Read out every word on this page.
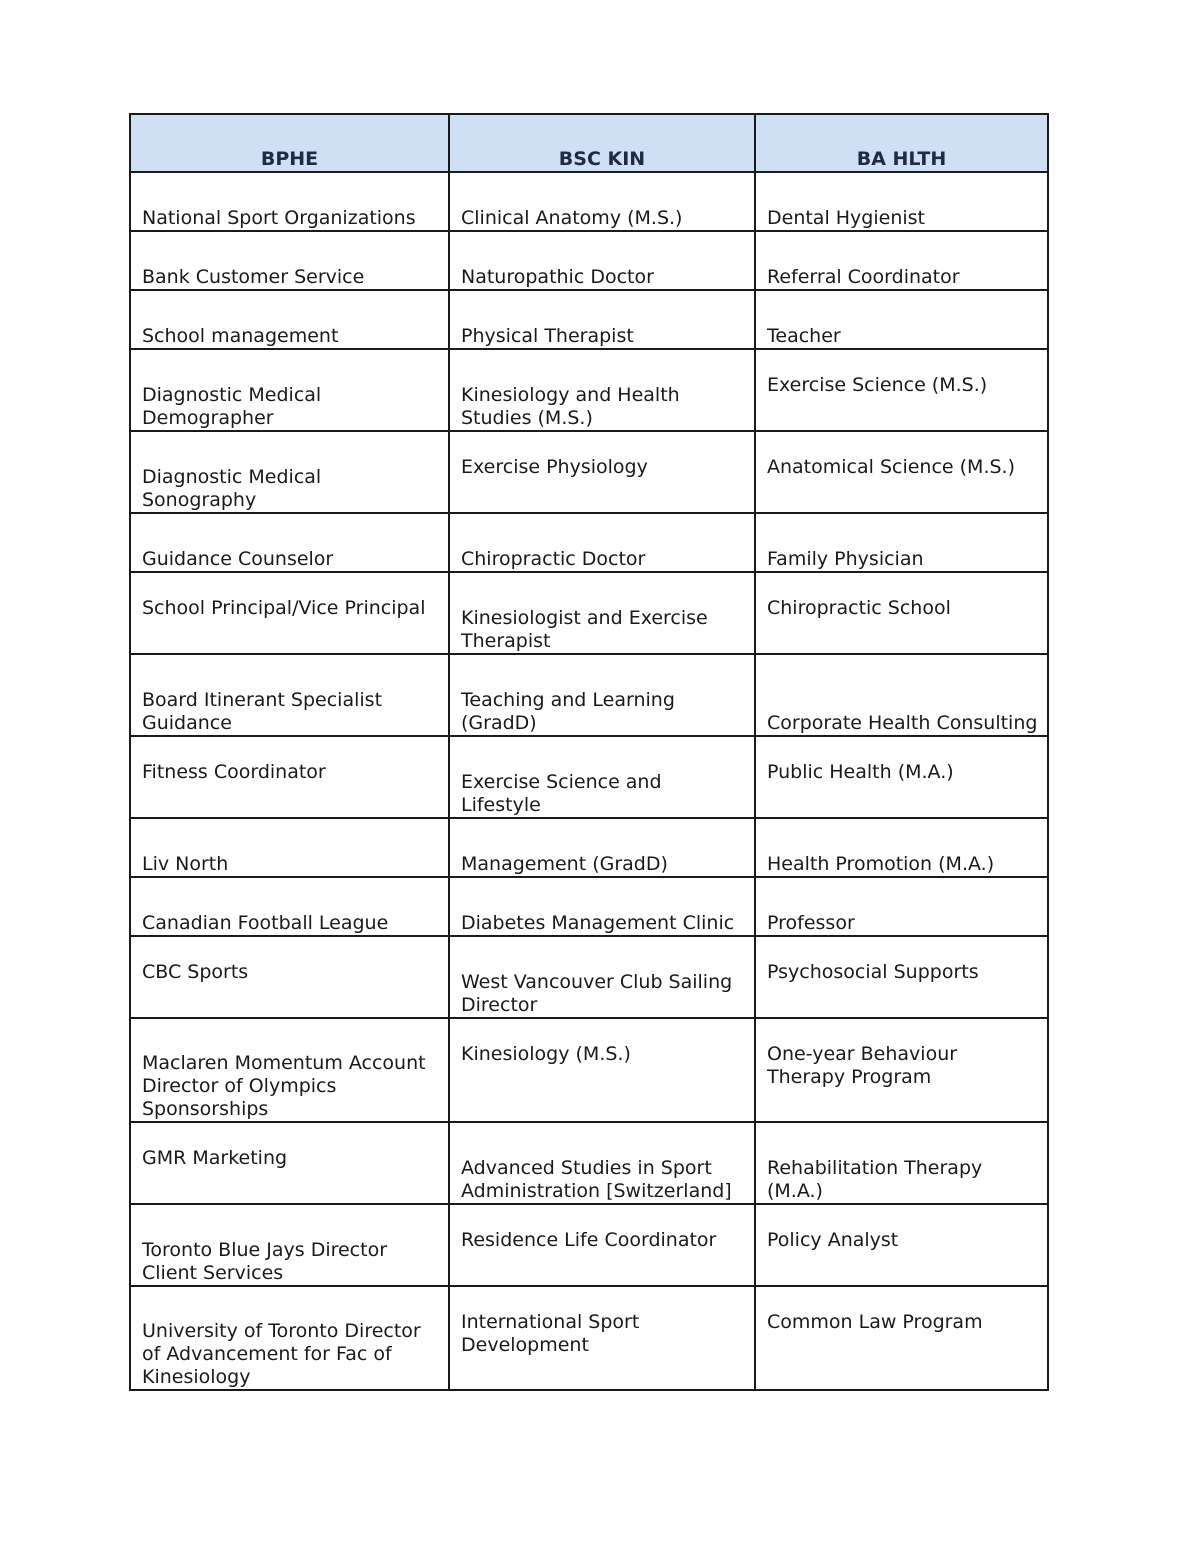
BPHE	BSC KIN	BA HLTH

National Sport Organizations	Clinical Anatomy (M.S.)	Dental Hygienist

Bank Customer Service	Naturopathic Doctor	Referral Coordinator

School management	Physical Therapist	Teacher

Diagnostic Medical Demographer	Kinesiology and Health Studies (M.S.)	Exercise Science (M.S.)

Diagnostic Medical Sonography	Exercise Physiology	Anatomical Science (M.S.)

Guidance Counselor	Chiropractic Doctor	Family Physician

School Principal/Vice Principal	Kinesiologist and Exercise Therapist	Chiropractic School

Board Itinerant Specialist Guidance	Teaching and Learning (GradD)	Corporate Health Consulting

Fitness Coordinator	Exercise Science and Lifestyle	Public Health (M.A.)

Liv North	Management (GradD)	Health Promotion (M.A.)

Canadian Football League	Diabetes Management Clinic	Professor

CBC Sports	West Vancouver Club Sailing Director	Psychosocial Supports

Maclaren Momentum Account Director of Olympics Sponsorships	Kinesiology (M.S.)	One-year Behaviour Therapy Program

GMR Marketing	Advanced Studies in Sport Administration [Switzerland]	Rehabilitation Therapy (M.A.)

Toronto Blue Jays Director Client Services	Residence Life Coordinator	Policy Analyst

University of Toronto Director of Advancement for Fac of Kinesiology	International Sport Development	Common Law Program
